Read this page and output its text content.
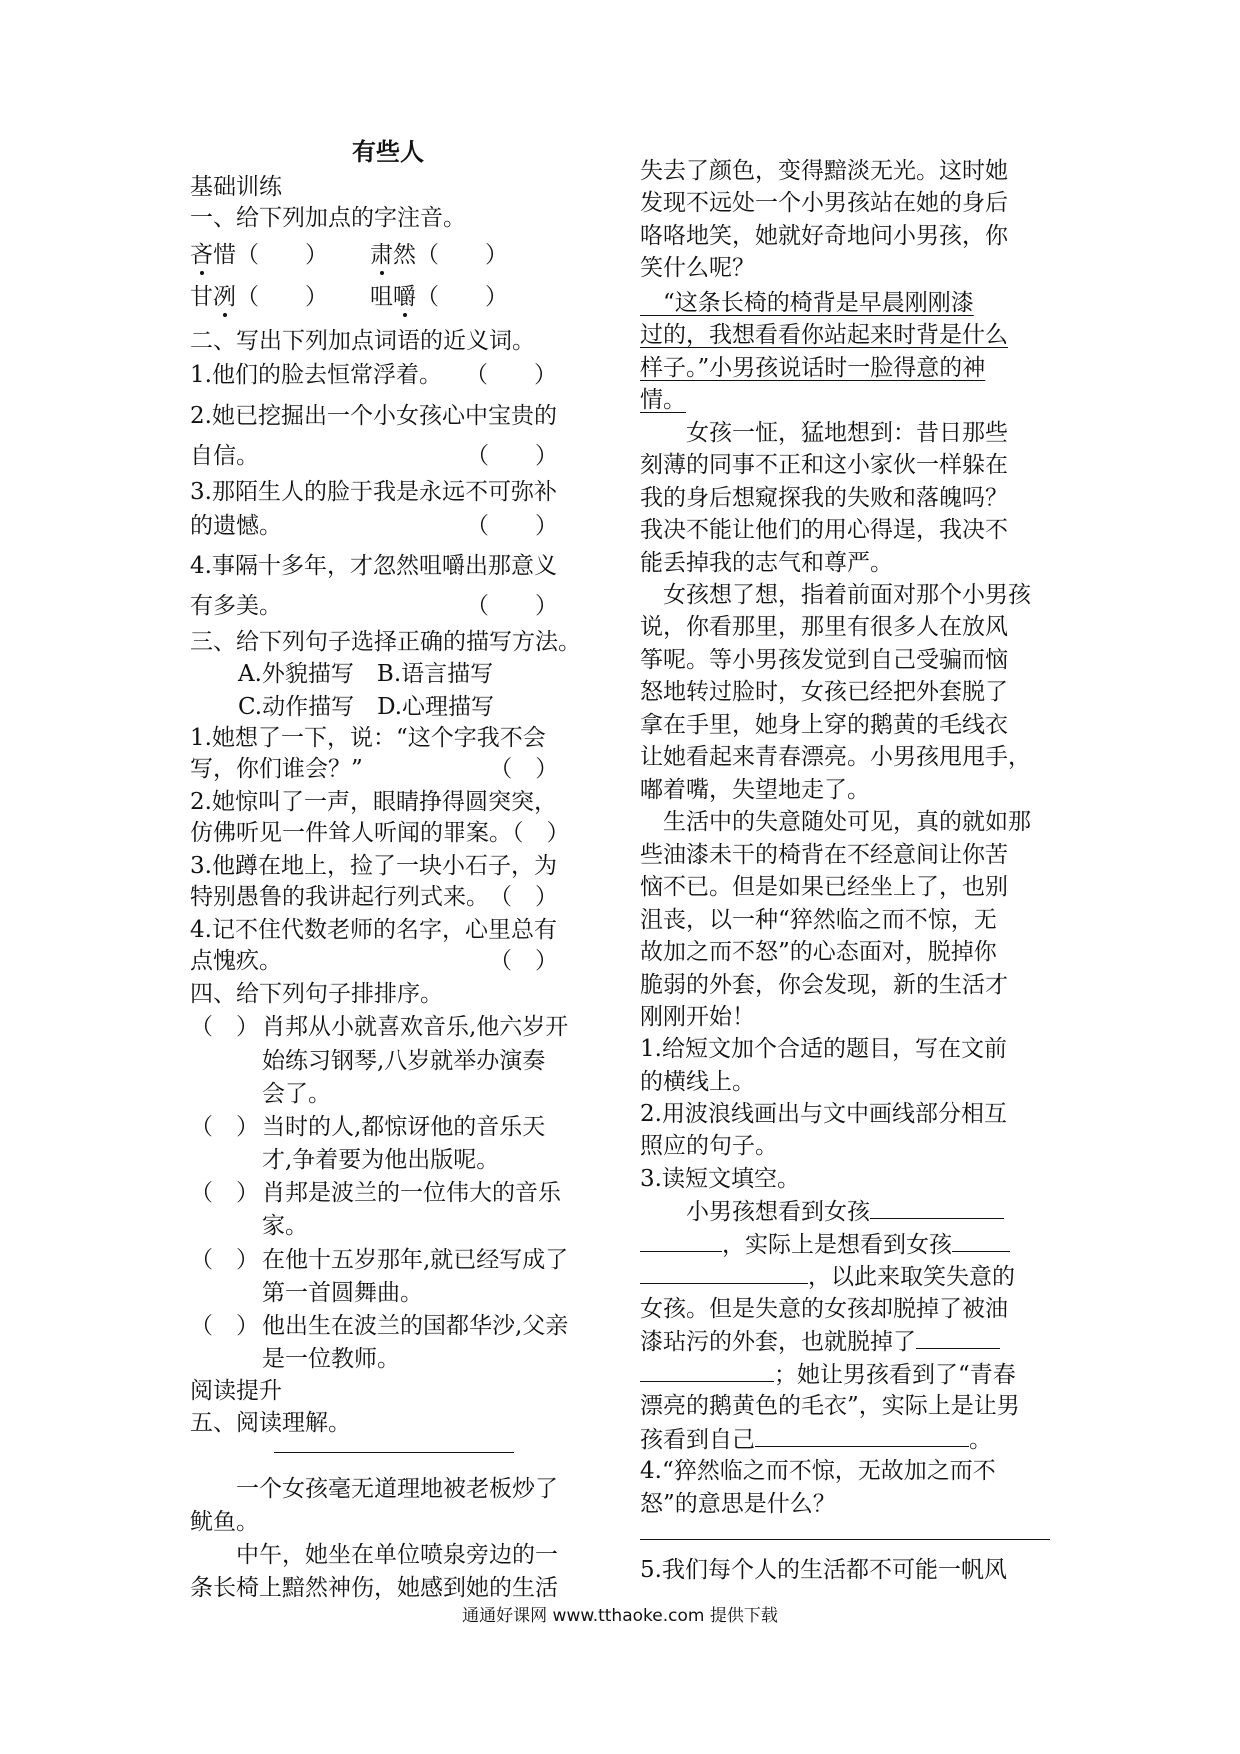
有些人
基础训练
一、给下列加点的字注音。
吝惜（　　） 肃然（　　）
甘冽（　　） 咀嚼（　　）
二、写出下列加点词语的近义词。
1.他们的脸去恒常浮着。　　（　　）
2.她已挖掘出一个小女孩心中宝贵的
自信。　　　　　　　　　　（　　）
3.那陌生人的脸于我是永远不可弥补
的遗憾。　　　　　　　　　（　　）
4.事隔十多年，才忽然咀嚼出那意义
有多美。　　　　　　　　　（　　）
三、给下列句子选择正确的描写方法。
A.外貌描写　B.语言描写
C.动作描写　D.心理描写
1.她想了一下，说：“这个字我不会
写，你们谁会？”　　　　　　（　）
2.她惊叫了一声，眼睛挣得圆突突，
仿佛听见一件耸人听闻的罪案。（　）
3.他蹲在地上，捡了一块小石子，为
特别愚鲁的我讲起行列式来。　（　）
4.记不住代数老师的名字，心里总有
点愧疚。　　　　　　　　　　（　）
四、给下列句子排排序。
（　） 肖邦从小就喜欢音乐,他六岁开
始练习钢琴,八岁就举办演奏
会了。
（　） 当时的人,都惊讶他的音乐天
才,争着要为他出版呢。
（　） 肖邦是波兰的一位伟大的音乐
家。
（　） 在他十五岁那年,就已经写成了
第一首圆舞曲。
（　） 他出生在波兰的国都华沙,父亲
是一位教师。
阅读提升
五、阅读理解。
　　一个女孩毫无道理地被老板炒了
鱿鱼。
　　中午，她坐在单位喷泉旁边的一
条长椅上黯然神伤，她感到她的生活
失去了颜色，变得黯淡无光。这时她
发现不远处一个小男孩站在她的身后
咯咯地笑，她就好奇地问小男孩，你
笑什么呢？
　“这条长椅的椅背是早晨刚刚漆
过的，我想看看你站起来时背是什么
样子。”小男孩说话时一脸得意的神
情。
　　女孩一怔，猛地想到：昔日那些
刻薄的同事不正和这小家伙一样躲在
我的身后想窥探我的失败和落魄吗？
我决不能让他们的用心得逞，我决不
能丢掉我的志气和尊严。
　女孩想了想，指着前面对那个小男孩
说，你看那里，那里有很多人在放风
筝呢。等小男孩发觉到自己受骗而恼
怒地转过脸时，女孩已经把外套脱了
拿在手里，她身上穿的鹅黄的毛线衣
让她看起来青春漂亮。小男孩甩甩手，
嘟着嘴，失望地走了。
　生活中的失意随处可见，真的就如那
些油漆未干的椅背在不经意间让你苦
恼不已。但是如果已经坐上了，也别
沮丧，以一种“猝然临之而不惊，无
故加之而不怒”的心态面对，脱掉你
脆弱的外套，你会发现，新的生活才
刚刚开始！
1.给短文加个合适的题目，写在文前
的横线上。
2.用波浪线画出与文中画线部分相互
照应的句子。
3.读短文填空。
　　小男孩想看到女孩
，实际上是想看到女孩
，以此来取笑失意的
女孩。但是失意的女孩却脱掉了被油
漆玷污的外套，也就脱掉了
；她让男孩看到了“青春
漂亮的鹅黄色的毛衣”，实际上是让男
孩看到自己	。
4.“猝然临之而不惊，无故加之而不
怒”的意思是什么？
5.我们每个人的生活都不可能一帆风
通通好课网 www.tthaoke.com 提供下载
